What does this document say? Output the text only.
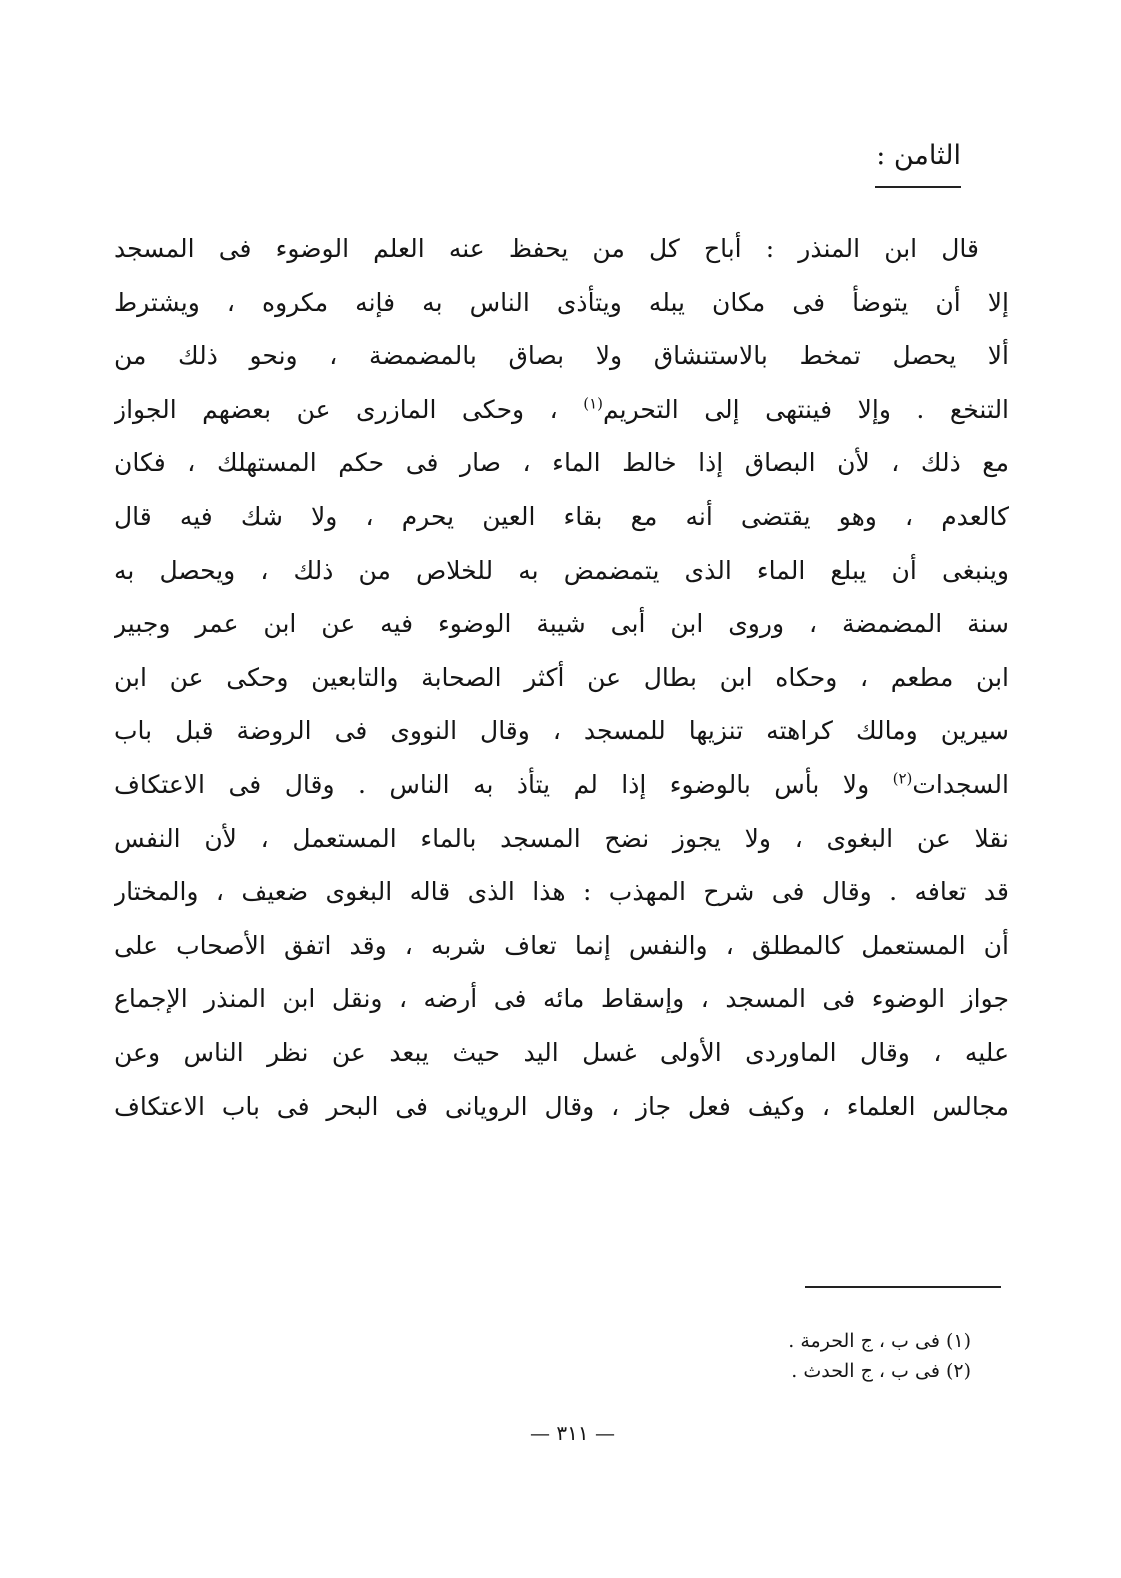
الثامن :
قال ابن المنذر : أباح كل من يحفظ عنه العلم الوضوء فى المسجد
إلا أن يتوضأ فى مكان يبله ويتأذى الناس به فإنه مكروه ، ويشترط
ألا يحصل تمخط بالاستنشاق ولا بصاق بالمضمضة ، ونحو ذلك من
التنخع . وإلا فينتهى إلى التحريم$^{(١)}$ ، وحكى المازرى عن بعضهم الجواز
مع ذلك ، لأن البصاق إذا خالط الماء ، صار فى حكم المستهلك ، فكان
كالعدم ، وهو يقتضى أنه مع بقاء العين يحرم ، ولا شك فيه قال
وينبغى أن يبلع الماء الذى يتمضمض به للخلاص من ذلك ، ويحصل به
سنة المضمضة ، وروى ابن أبى شيبة الوضوء فيه عن ابن عمر وجبير
ابن مطعم ، وحكاه ابن بطال عن أكثر الصحابة والتابعين وحكى عن ابن
سيرين ومالك كراهته تنزيها للمسجد ، وقال النووى فى الروضة قبل باب
السجدات$^{(٢)}$ ولا بأس بالوضوء إذا لم يتأذ به الناس . وقال فى الاعتكاف
نقلا عن البغوى ، ولا يجوز نضح المسجد بالماء المستعمل ، لأن النفس
قد تعافه . وقال فى شرح المهذب : هذا الذى قاله البغوى ضعيف ، والمختار
أن المستعمل كالمطلق ، والنفس إنما تعاف شربه ، وقد اتفق الأصحاب على
جواز الوضوء فى المسجد ، وإسقاط مائه فى أرضه ، ونقل ابن المنذر الإجماع
عليه ، وقال الماوردى الأولى غسل اليد حيث يبعد عن نظر الناس وعن
مجالس العلماء ، وكيف فعل جاز ، وقال الرويانى فى البحر فى باب الاعتكاف
(١) فى ب ، ج الحرمة .
(٢) فى ب ، ج الحدث .
— ٣١١ —
